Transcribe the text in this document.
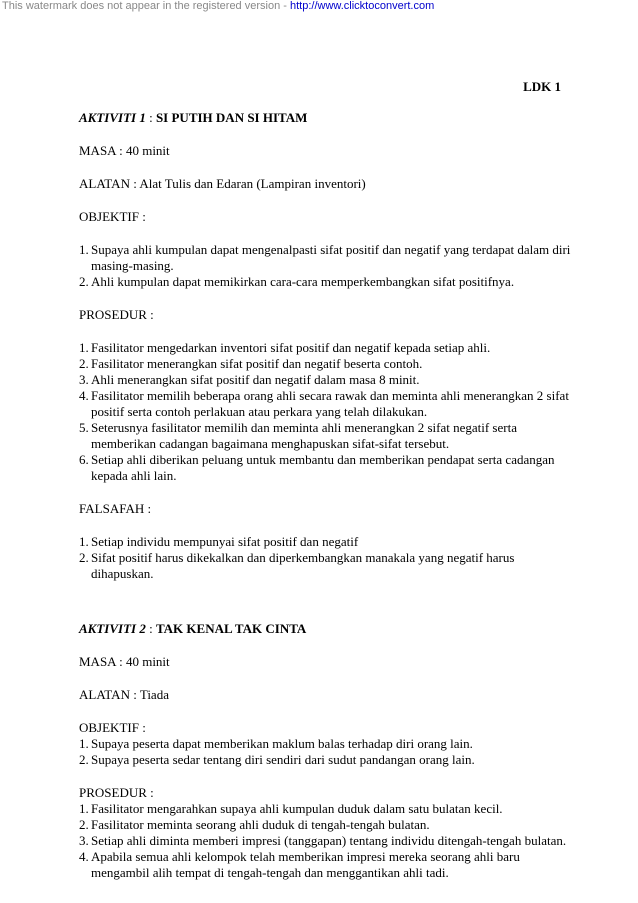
This watermark does not appear in the registered version - http://www.clicktoconvert.com
LDK 1
AKTIVITI 1 : SI PUTIH DAN SI HITAM
MASA : 40 minit
ALATAN : Alat Tulis dan Edaran (Lampiran inventori)
OBJEKTIF :
1. Supaya ahli kumpulan dapat mengenalpasti sifat positif dan negatif yang terdapat dalam diri masing-masing.
2. Ahli kumpulan dapat memikirkan cara-cara memperkembangkan sifat positifnya.
PROSEDUR :
1. Fasilitator mengedarkan inventori sifat positif dan negatif kepada setiap ahli.
2. Fasilitator menerangkan sifat positif dan negatif beserta contoh.
3. Ahli menerangkan sifat positif dan negatif dalam masa 8 minit.
4. Fasilitator memilih beberapa orang ahli secara rawak dan meminta ahli menerangkan 2 sifat positif serta contoh perlakuan atau perkara yang telah dilakukan.
5. Seterusnya fasilitator memilih dan meminta ahli menerangkan 2 sifat negatif serta memberikan cadangan bagaimana menghapuskan sifat-sifat tersebut.
6. Setiap ahli diberikan peluang untuk membantu dan memberikan pendapat serta cadangan kepada ahli lain.
FALSAFAH :
1. Setiap individu mempunyai sifat positif dan negatif
2. Sifat positif harus dikekalkan dan diperkembangkan manakala yang negatif harus dihapuskan.
AKTIVITI 2 : TAK KENAL TAK CINTA
MASA : 40 minit
ALATAN : Tiada
OBJEKTIF :
1. Supaya peserta dapat memberikan maklum balas terhadap diri orang lain.
2. Supaya peserta sedar tentang diri sendiri dari sudut pandangan orang lain.
PROSEDUR :
1. Fasilitator mengarahkan supaya ahli kumpulan duduk dalam satu bulatan kecil.
2. Fasilitator meminta seorang ahli duduk di tengah-tengah bulatan.
3. Setiap ahli diminta memberi impresi (tanggapan) tentang individu ditengah-tengah bulatan.
4. Apabila semua ahli kelompok telah memberikan impresi mereka seorang ahli baru mengambil alih tempat di tengah-tengah dan menggantikan ahli tadi.
